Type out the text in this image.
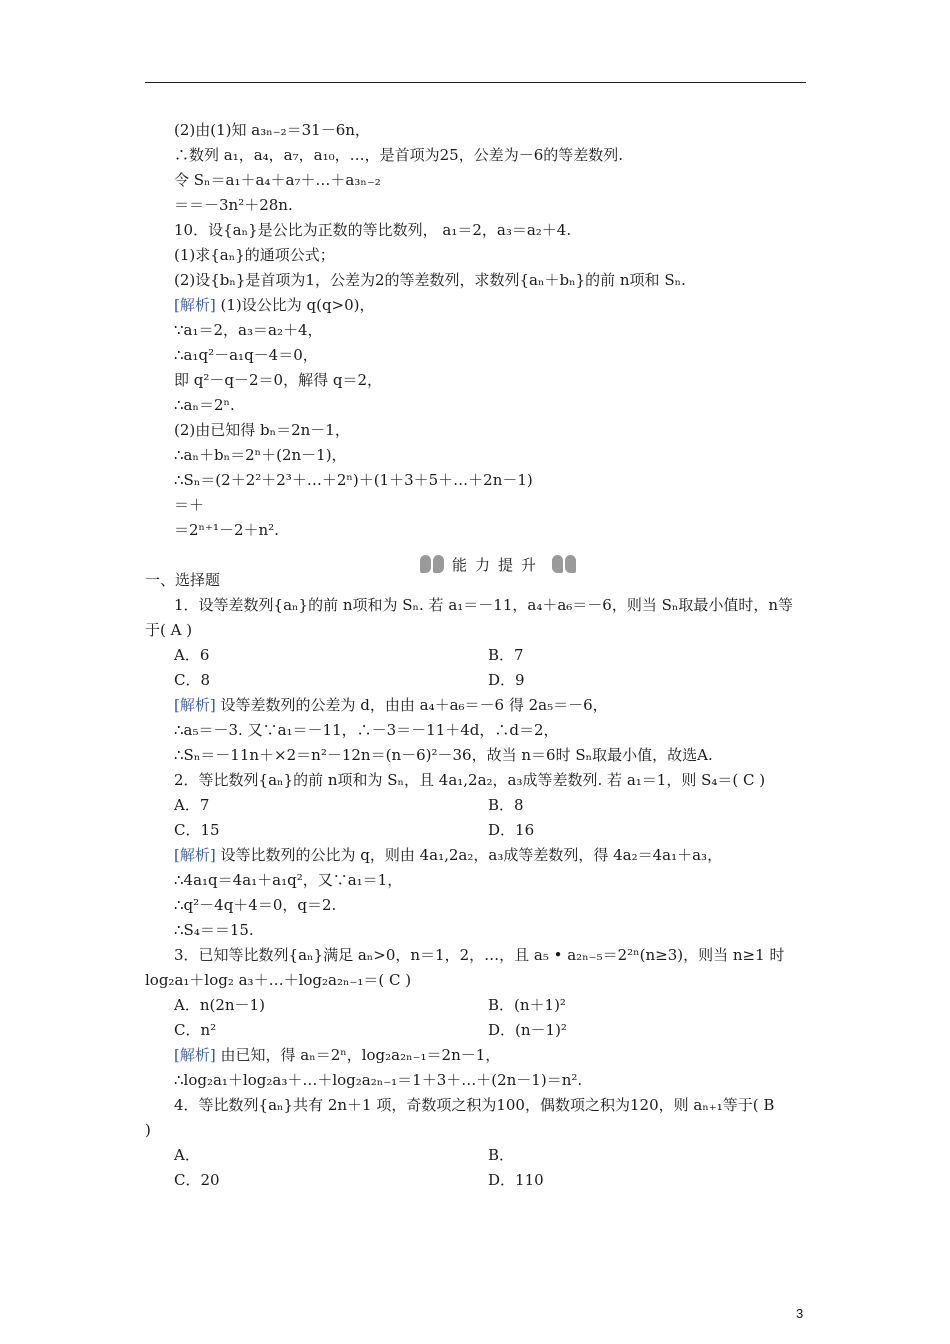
(2)由(1)知 a₃ₙ₋₂＝31－6n，
∴数列 a₁，a₄，a₇，a₁₀，…，是首项为25，公差为－6的等差数列.
令 Sₙ＝a₁＋a₄＋a₇＋…＋a₃ₙ₋₂
＝＝－3n²＋28n.
10．设{aₙ}是公比为正数的等比数列， a₁＝2，a₃＝a₂＋4.
(1)求{aₙ}的通项公式；
(2)设{bₙ}是首项为1，公差为2的等差数列，求数列{aₙ＋bₙ}的前 n项和 Sₙ.
[解析] (1)设公比为 q(q>0)，
∵a₁＝2，a₃＝a₂＋4，
∴a₁q²－a₁q－4＝0，
即 q²－q－2＝0，解得 q＝2，
∴aₙ＝2ⁿ.
(2)由已知得 bₙ＝2n－1，
∴aₙ＋bₙ＝2ⁿ＋(2n－1)，
∴Sₙ＝(2＋2²＋2³＋…＋2ⁿ)＋(1＋3＋5＋…＋2n－1)
＝＋
＝2ⁿ⁺¹－2＋n².
一、选择题
1．设等差数列{aₙ}的前 n项和为 Sₙ. 若 a₁＝－11，a₄＋a₆＝－6，则当 Sₙ取最小值时，n等
于( A )
A．6	B．7
C．8	D．9
[解析] 设等差数列的公差为 d，由由 a₄＋a₆＝－6 得 2a₅＝－6，
∴a₅＝－3. 又∵a₁＝－11，∴－3＝－11＋4d，∴d＝2，
∴Sₙ＝－11n＋×2＝n²－12n＝(n－6)²－36，故当 n＝6时 Sₙ取最小值，故选A.
2．等比数列{aₙ}的前 n项和为 Sₙ，且 4a₁,2a₂，a₃成等差数列. 若 a₁＝1，则 S₄＝( C )
A．7	B．8
C．15	D．16
[解析] 设等比数列的公比为 q，则由 4a₁,2a₂，a₃成等差数列，得 4a₂＝4a₁＋a₃，
∴4a₁q＝4a₁＋a₁q²，又∵a₁＝1，
∴q²－4q＋4＝0，q＝2.
∴S₄＝＝15.
3．已知等比数列{aₙ}满足 aₙ>0，n＝1，2，…，且 a₅ • a₂ₙ₋₅＝2²ⁿ(n≥3)，则当 n≥1 时
log₂a₁＋log₂ a₃＋…＋log₂a₂ₙ₋₁＝( C )
A．n(2n－1)	B．(n＋1)²
C．n²	D．(n－1)²
[解析] 由已知，得 aₙ＝2ⁿ，log₂a₂ₙ₋₁＝2n－1，
∴log₂a₁＋log₂a₃＋…＋log₂a₂ₙ₋₁＝1＋3＋…＋(2n－1)＝n².
4．等比数列{aₙ}共有 2n＋1 项，奇数项之积为100，偶数项之积为120，则 aₙ₊₁等于( B
)
A．	B．
C．20	D．110
能力提升
3
